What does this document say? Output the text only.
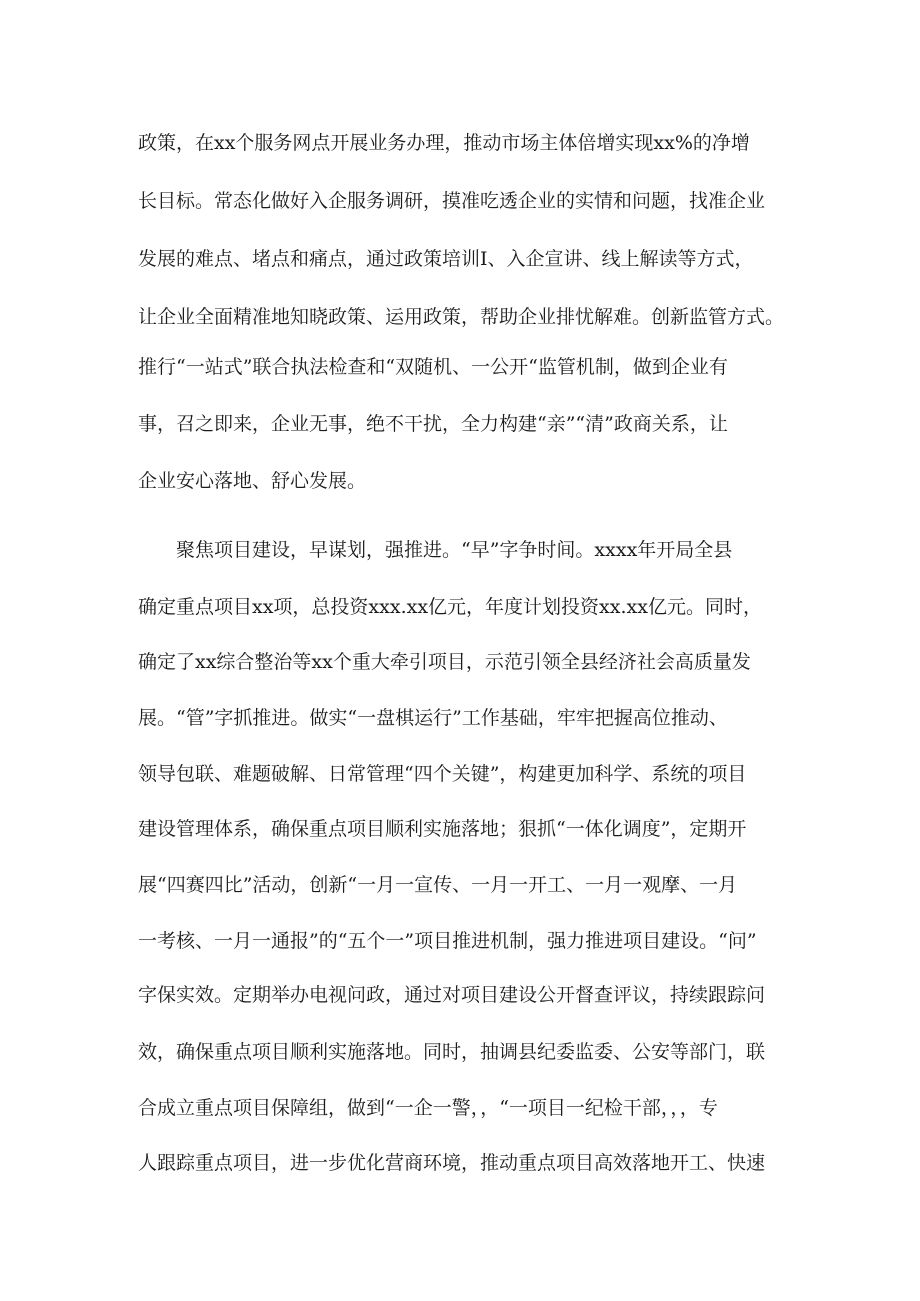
政策，在xx个服务网点开展业务办理，推动市场主体倍增实现xx%的净增
长目标。常态化做好入企服务调研，摸准吃透企业的实情和问题，找准企业
发展的难点、堵点和痛点，通过政策培训I、入企宣讲、线上解读等方式，
让企业全面精准地知晓政策、运用政策，帮助企业排忧解难。创新监管方式。
推行“一站式”联合执法检查和“双随机、一公开“监管机制，做到企业有
事，召之即来，企业无事，绝不干扰，全力构建“亲”“清”政商关系，让
企业安心落地、舒心发展。
聚焦项目建设，早谋划，强推进。“早”字争时间。xxxx年开局全县
确定重点项目xx项，总投资xxx.xx亿元，年度计划投资xx.xx亿元。同时，
确定了xx综合整治等xx个重大牵引项目，示范引领全县经济社会高质量发
展。“管”字抓推进。做实“一盘棋运行”工作基础，牢牢把握高位推动、
领导包联、难题破解、日常管理“四个关键”，构建更加科学、系统的项目
建设管理体系，确保重点项目顺利实施落地；狠抓“一体化调度”，定期开
展“四赛四比”活动，创新“一月一宣传、一月一开工、一月一观摩、一月
一考核、一月一通报”的“五个一”项目推进机制，强力推进项目建设。“问”
字保实效。定期举办电视问政，通过对项目建设公开督查评议，持续跟踪问
效，确保重点项目顺利实施落地。同时，抽调县纪委监委、公安等部门，联
合成立重点项目保障组，做到“一企一警，，“一项目一纪检干部，，，专
人跟踪重点项目，进一步优化营商环境，推动重点项目高效落地开工、快速
